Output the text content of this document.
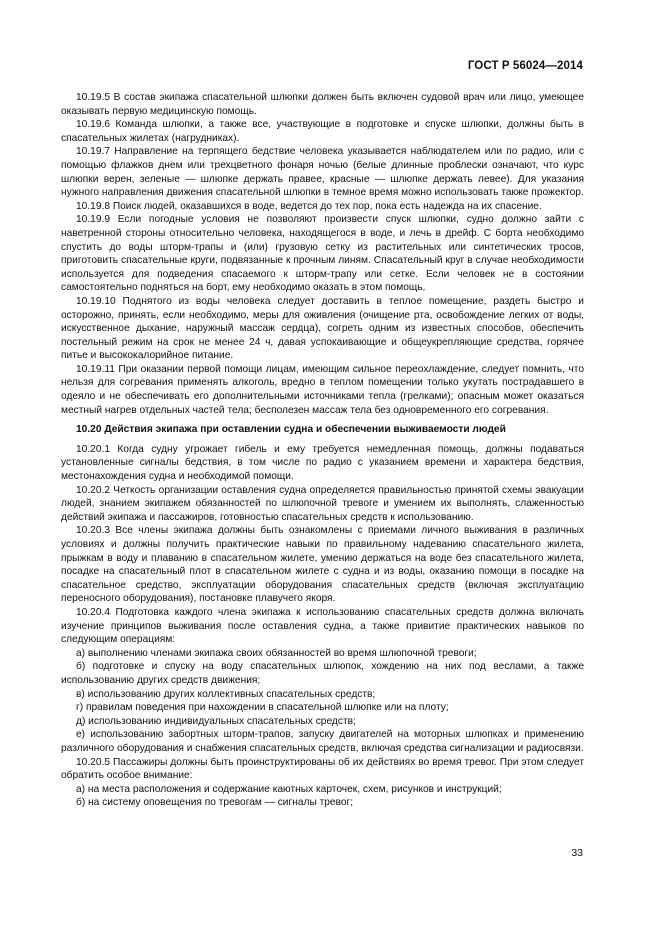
ГОСТ Р 56024—2014

10.19.5 В состав экипажа спасательной шлюпки должен быть включен судовой врач или лицо, умеющее оказывать первую медицинскую помощь.

10.19.6 Команда шлюпки, а также все, участвующие в подготовке и спуске шлюпки, должны быть в спасательных жилетах (нагрудниках).

10.19.7 Направление на терпящего бедствие человека указывается наблюдателем или по радио, или с помощью флажков днем или трехцветного фонаря ночью (белые длинные проблески означают, что курс шлюпки верен, зеленые — шлюпке держать правее, красные — шлюпке держать левее). Для указания нужного направления движения спасательной шлюпки в темное время можно использовать также прожектор.

10.19.8 Поиск людей, оказавшихся в воде, ведется до тех пор, пока есть надежда на их спасение.

10.19.9 Если погодные условия не позволяют произвести спуск шлюпки, судно должно зайти с наветренной стороны относительно человека, находящегося в воде, и лечь в дрейф. С борта необходимо спустить до воды шторм-трапы и (или) грузовую сетку из растительных или синтетических тросов, приготовить спасательные круги, подвязанные к прочным линям. Спасательный круг в случае необходимости используется для подведения спасаемого к шторм-трапу или сетке. Если человек не в состоянии самостоятельно подняться на борт, ему необходимо оказать в этом помощь.

10.19.10 Поднятого из воды человека следует доставить в теплое помещение, раздеть быстро и осторожно, принять, если необходимо, меры для оживления (очищение рта, освобождение легких от воды, искусственное дыхание, наружный массаж сердца), согреть одним из известных способов, обеспечить постельный режим на срок не менее 24 ч, давая успокаивающие и общеукрепляющие средства, горячее питье и высококалорийное питание.

10.19.11 При оказании первой помощи лицам, имеющим сильное переохлаждение, следует помнить, что нельзя для согревания применять алкоголь, вредно в теплом помещении только укутать пострадавшего в одеяло и не обеспечивать его дополнительными источниками тепла (грелками); опасным может оказаться местный нагрев отдельных частей тела; бесполезен массаж тела без одновременного его согревания.

10.20 Действия экипажа при оставлении судна и обеспечении выживаемости людей

10.20.1 Когда судну угрожает гибель и ему требуется немедленная помощь, должны подаваться установленные сигналы бедствия, в том числе по радио с указанием времени и характера бедствия, местонахождения судна и необходимой помощи.

10.20.2 Четкость организации оставления судна определяется правильностью принятой схемы эвакуации людей, знанием экипажем обязанностей по шлюпочной тревоге и умением их выполнять, слаженностью действий экипажа и пассажиров, готовностью спасательных средств к использованию.

10.20.3 Все члены экипажа должны быть ознакомлены с приемами личного выживания в различных условиях и должны получить практические навыки по правильному надеванию спасательного жилета, прыжкам в воду и плаванию в спасательном жилете, умению держаться на воде без спасательного жилета, посадке на спасательный плот в спасательном жилете с судна и из воды, оказанию помощи в посадке на спасательное средство, эксплуатации оборудования спасательных средств (включая эксплуатацию переносного оборудования), постановке плавучего якоря.

10.20.4 Подготовка каждого члена экипажа к использованию спасательных средств должна включать изучение принципов выживания после оставления судна, а также привитие практических навыков по следующим операциям:

а) выполнению членами экипажа своих обязанностей во время шлюпочной тревоги;

б) подготовке и спуску на воду спасательных шлюпок, хождению на них под веслами, а также использованию других средств движения;

в) использованию других коллективных спасательных средств;

г) правилам поведения при нахождении в спасательной шлюпке или на плоту;

д) использованию индивидуальных спасательных средств;

е) использованию забортных шторм-трапов, запуску двигателей на моторных шлюпках и применению различного оборудования и снабжения спасательных средств, включая средства сигнализации и радиосвязи.

10.20.5 Пассажиры должны быть проинструктированы об их действиях во время тревог. При этом следует обратить особое внимание:

а) на места расположения и содержание каютных карточек, схем, рисунков и инструкций;

б) на систему оповещения по тревогам — сигналы тревог;

33
